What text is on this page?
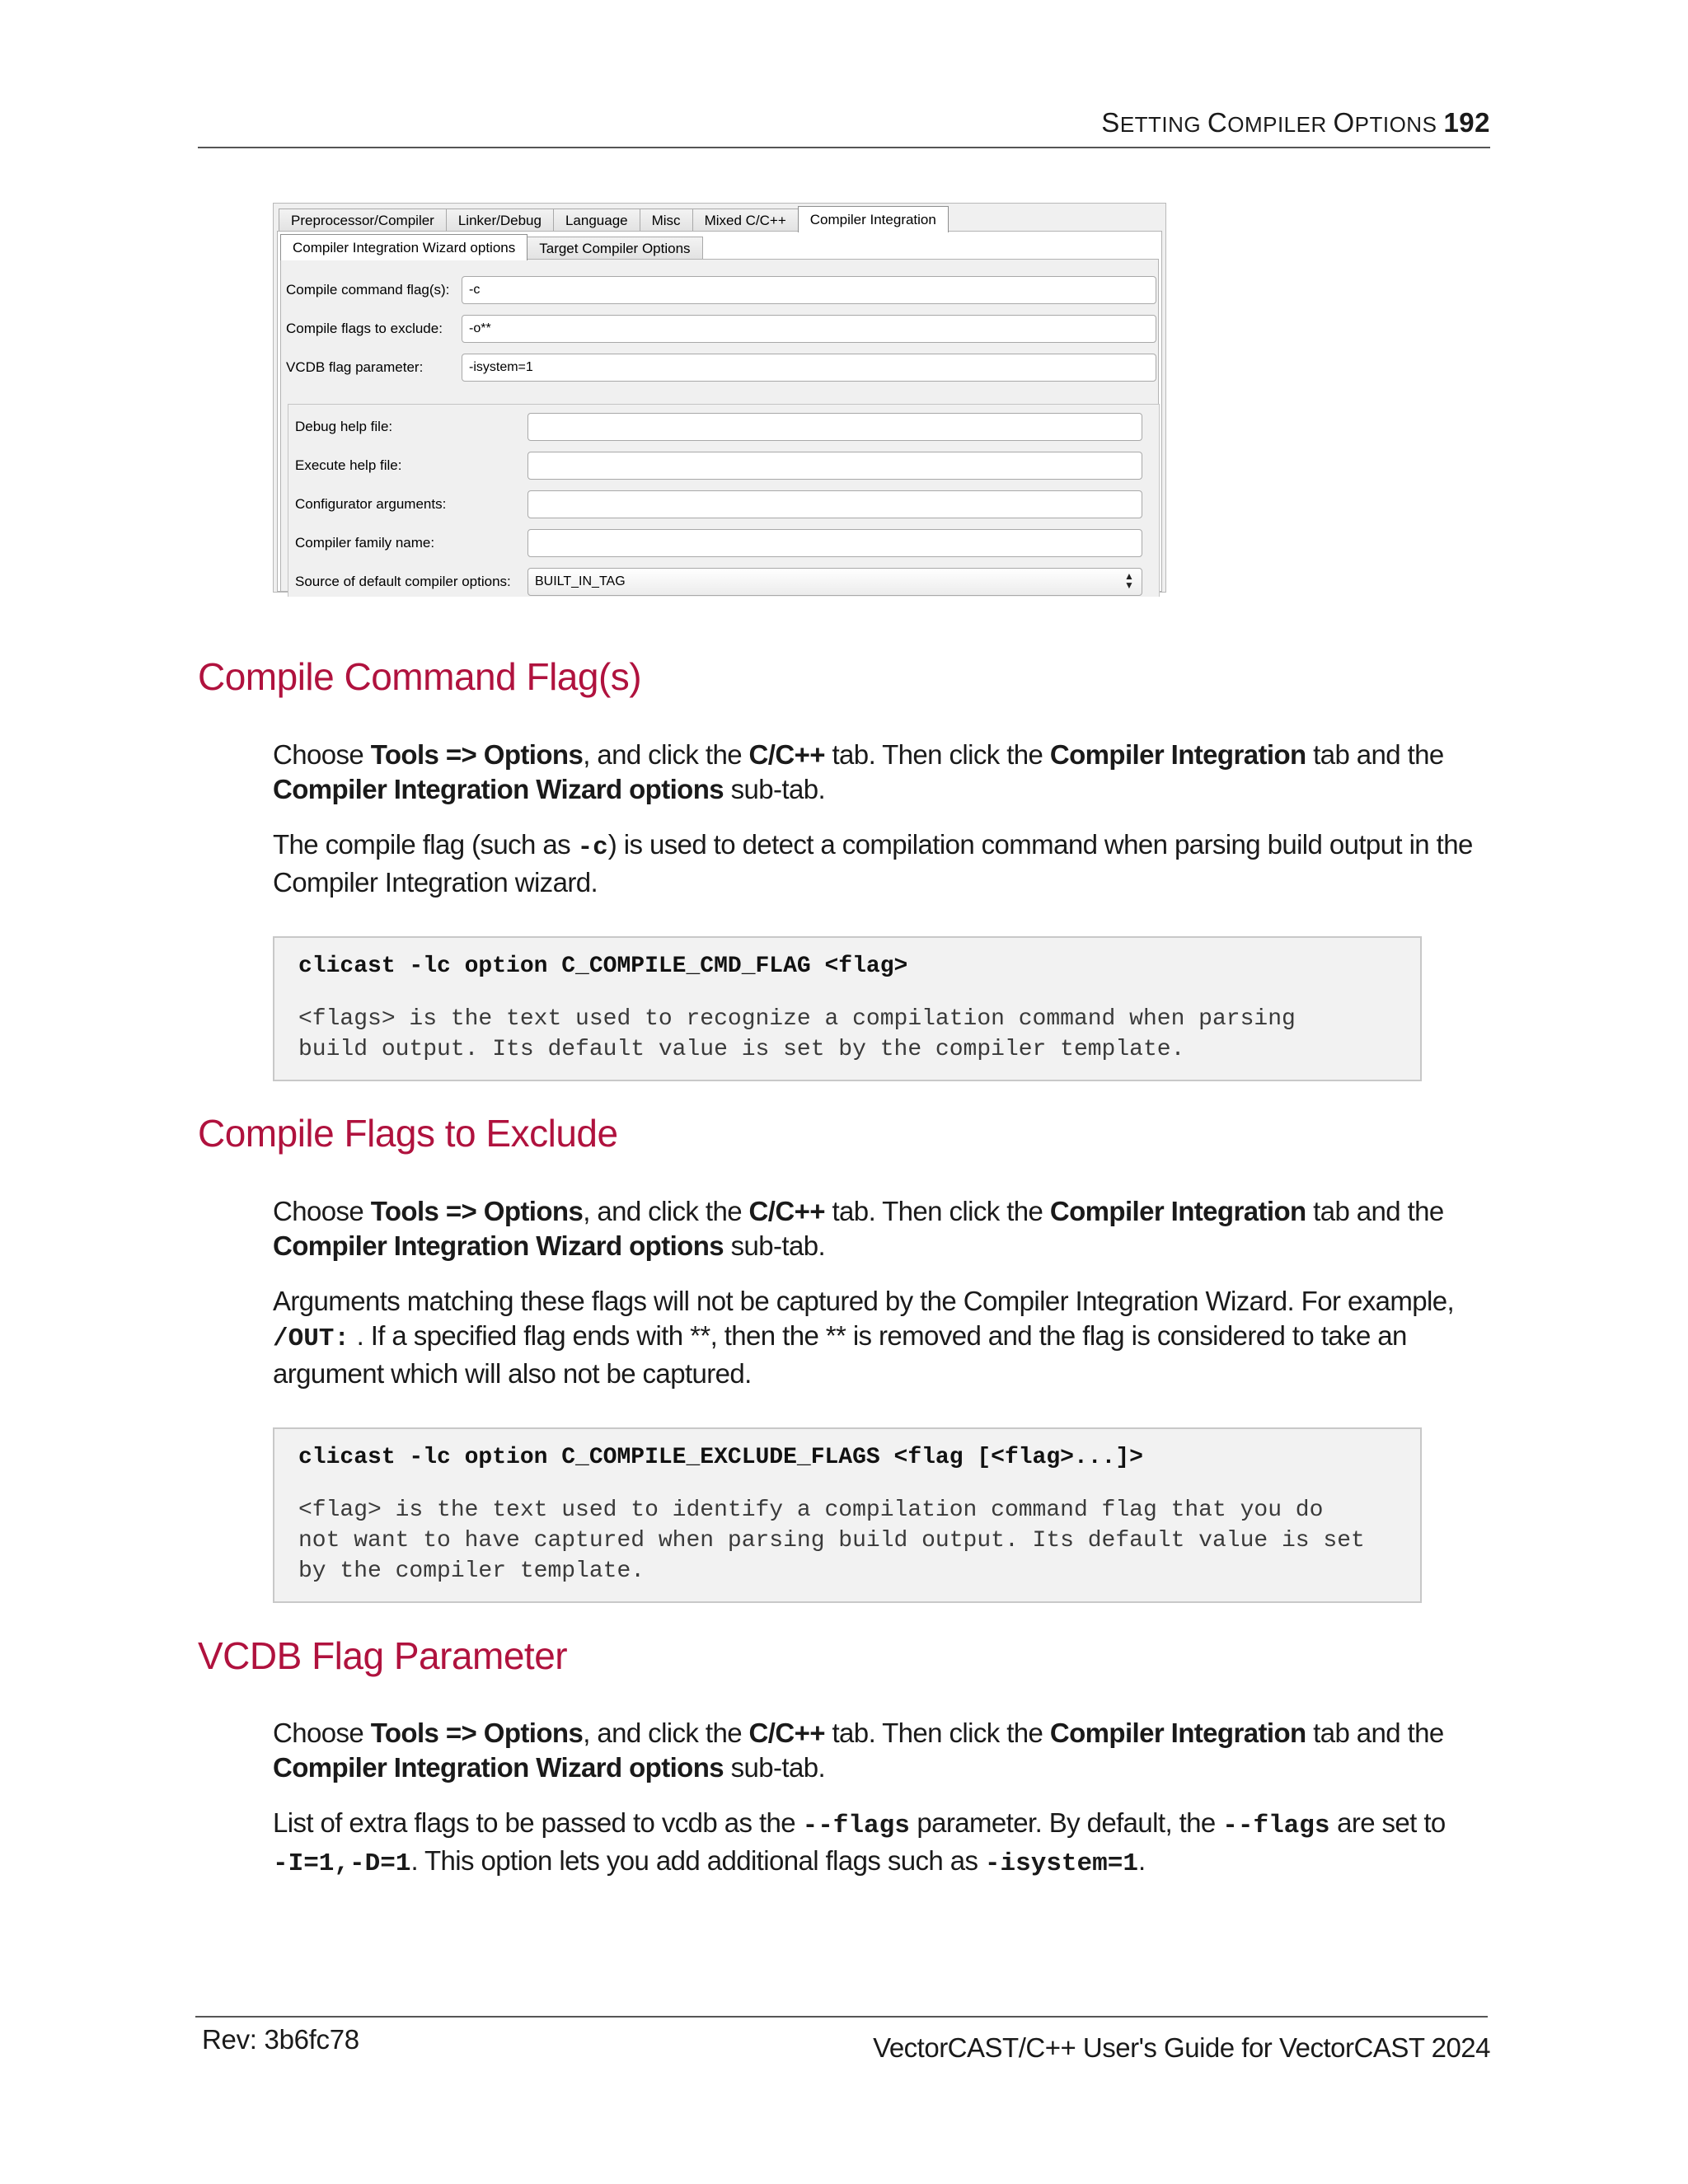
SETTING COMPILER OPTIONS 192
Preprocessor/Compiler	Linker/Debug	Language	Misc	Mixed C/C++	Compiler Integration
Compiler Integration Wizard options	Target Compiler Options
Compile command flag(s):	-c
Compile flags to exclude:	-o**
VCDB flag parameter:	-isystem=1
Debug help file:
Execute help file:
Configurator arguments:
Compiler family name:
Source of default compiler options:	BUILT_IN_TAG	▲
▼
Compile Command Flag(s)

Choose Tools => Options, and click the C/C++ tab. Then click the Compiler Integration tab and the
Compiler Integration Wizard options sub-tab.

The compile flag (such as -c) is used to detect a compilation command when parsing build output in the Compiler Integration wizard.

clicast -lc option C_COMPILE_CMD_FLAG <flag>
<flags> is the text used to recognize a compilation command when parsing
build output. Its default value is set by the compiler template.
Compile Flags to Exclude

Choose Tools => Options, and click the C/C++ tab. Then click the Compiler Integration tab and the
Compiler Integration Wizard options sub-tab.

Arguments matching these flags will not be captured by the Compiler Integration Wizard. For example, /OUT: . If a specified flag ends with **, then the ** is removed and the flag is considered to take an argument which will also not be captured.

clicast -lc option C_COMPILE_EXCLUDE_FLAGS <flag [<flag>...]>
<flag> is the text used to identify a compilation command flag that you do
not want to have captured when parsing build output. Its default value is set
by the compiler template.
VCDB Flag Parameter

Choose Tools => Options, and click the C/C++ tab. Then click the Compiler Integration tab and the
Compiler Integration Wizard options sub-tab.

List of extra flags to be passed to vcdb as the --flags parameter. By default, the --flags are set to
-I=1,-D=1. This option lets you add additional flags such as -isystem=1.

Rev: 3b6fc78	VectorCAST/C++ User's Guide for VectorCAST 2024
